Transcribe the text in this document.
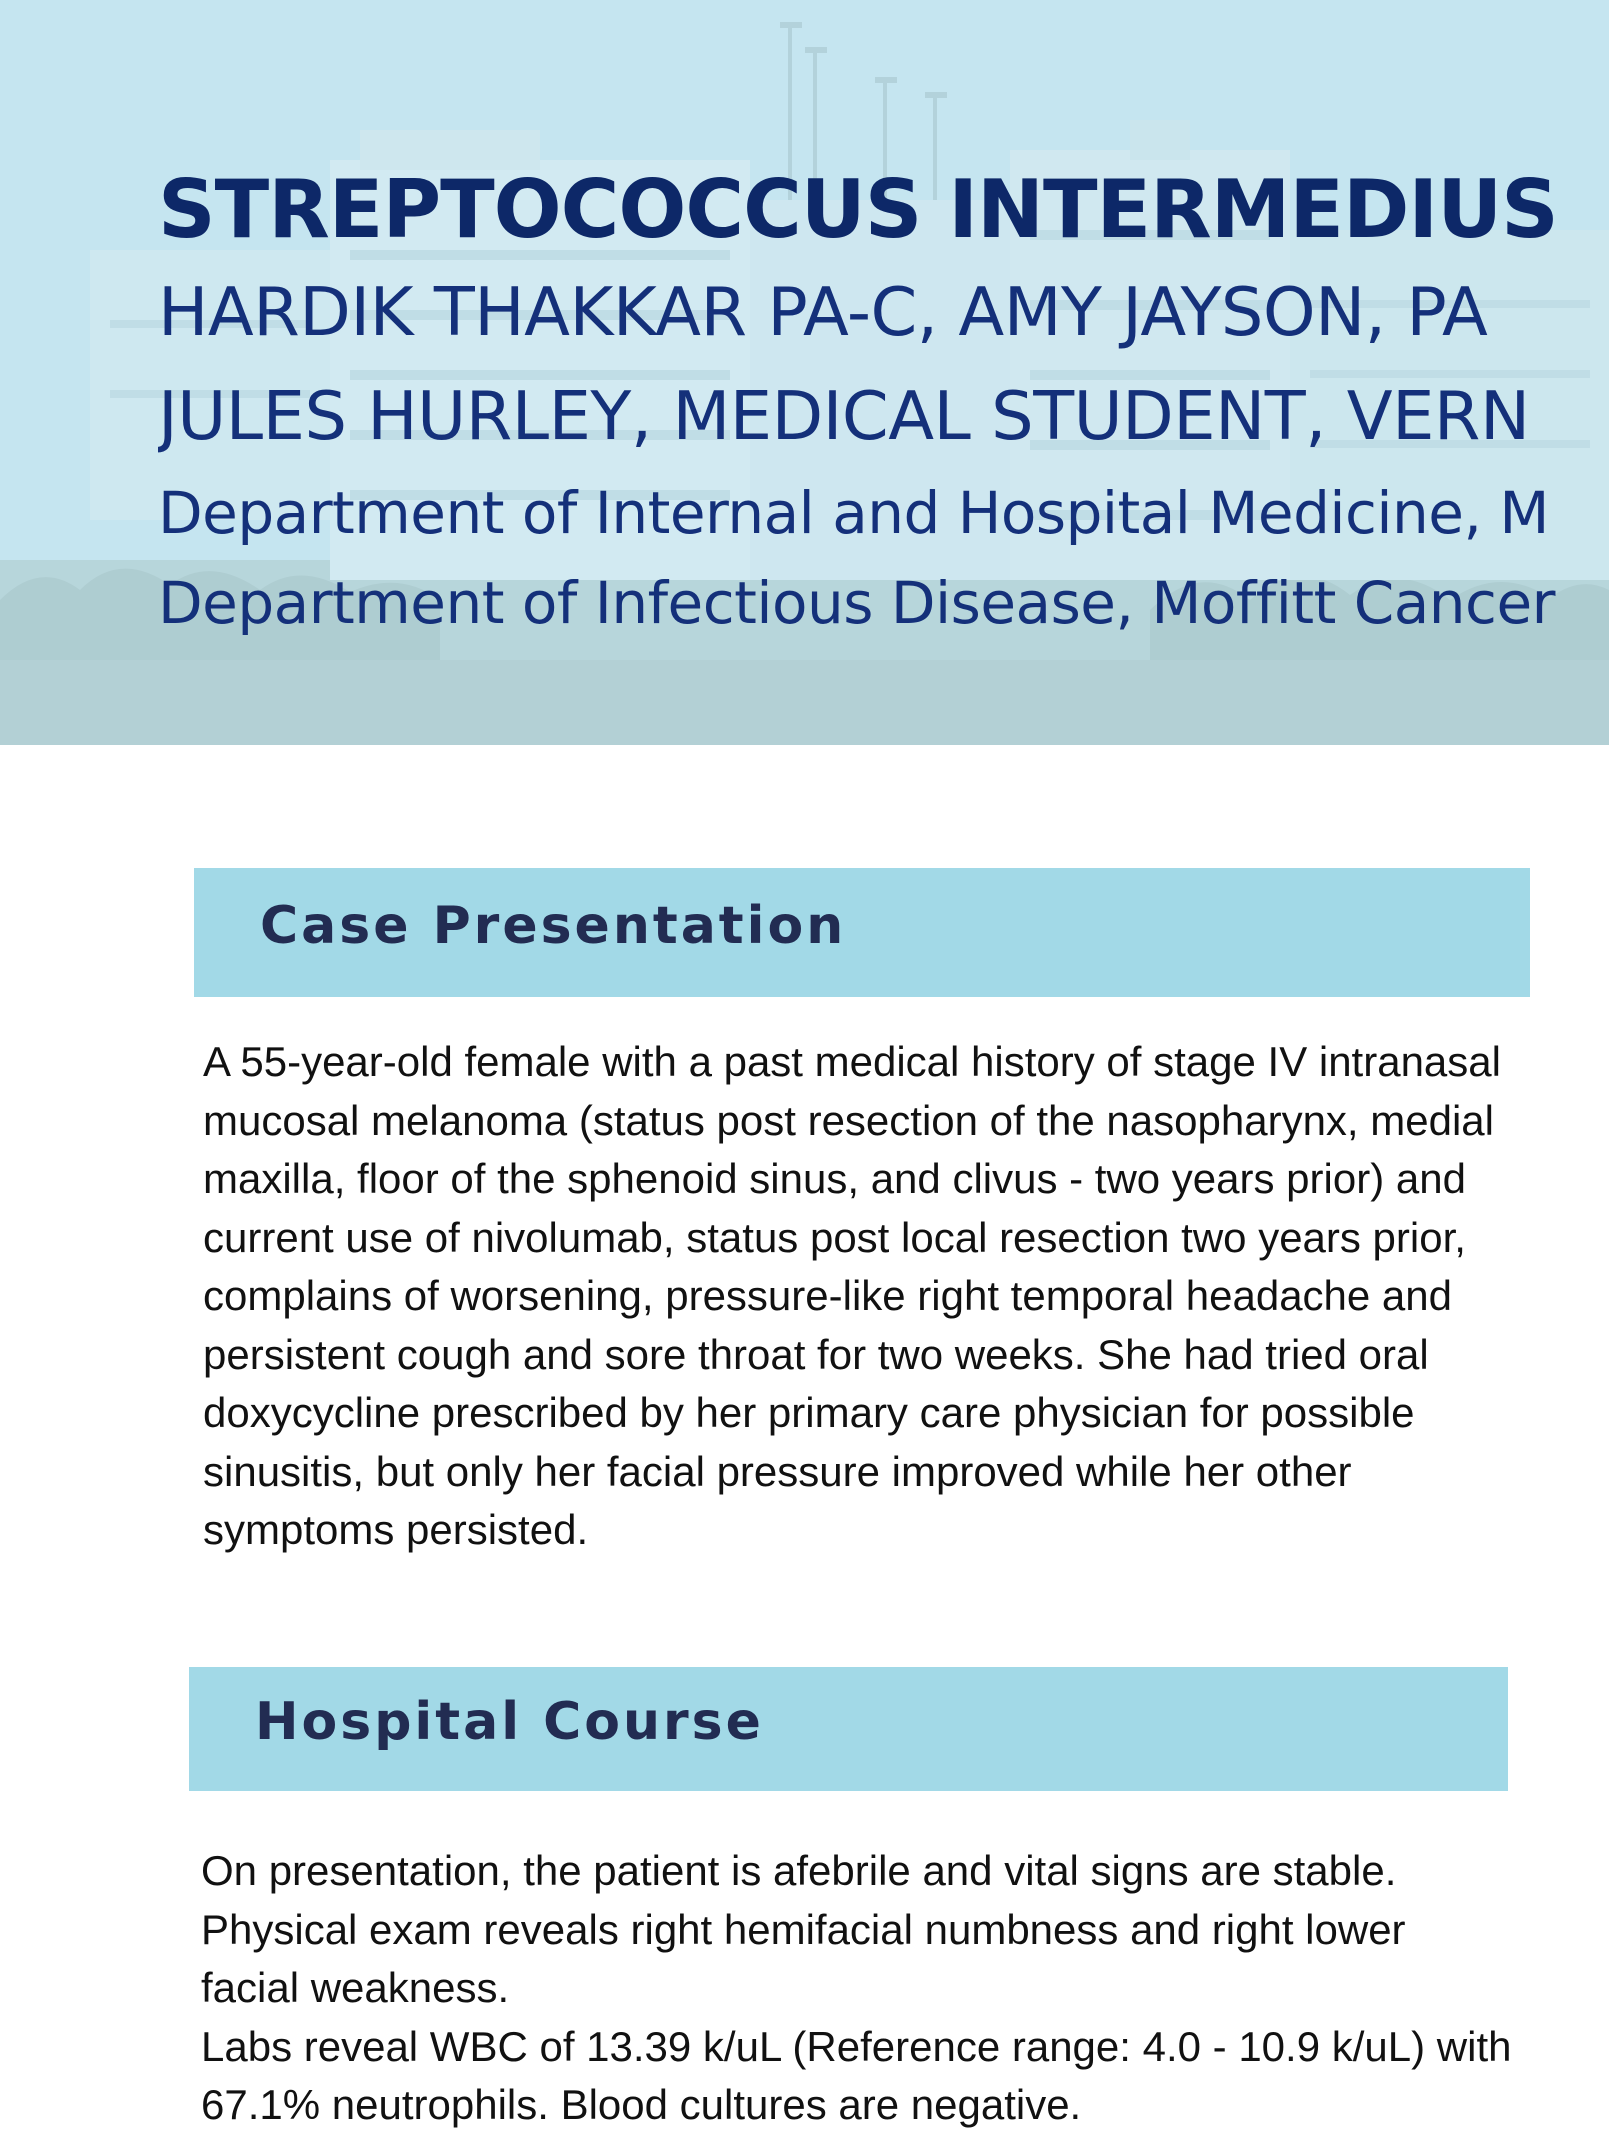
STREPTOCOCCUS INTERMEDIUS
HARDIK THAKKAR PA-C, AMY JAYSON, PA
JULES HURLEY, MEDICAL STUDENT, VERN
Department of Internal and Hospital Medicine, M
Department of Infectious Disease, Moffitt Cancer
Case Presentation
A 55-year-old female with a past medical history of stage IV intranasal
mucosal melanoma (status post resection of the nasopharynx, medial
maxilla, floor of the sphenoid sinus, and clivus - two years prior) and
current use of nivolumab, status post local resection two years prior,
complains of worsening, pressure-like right temporal headache and
persistent cough and sore throat for two weeks. She had tried oral
doxycycline prescribed by her primary care physician for possible
sinusitis, but only her facial pressure improved while her other
symptoms persisted.
Hospital Course
On presentation, the patient is afebrile and vital signs are stable.
Physical exam reveals right hemifacial numbness and right lower
facial weakness.
Labs reveal WBC of 13.39 k/uL (Reference range: 4.0 - 10.9 k/uL) with
67.1% neutrophils. Blood cultures are negative.
